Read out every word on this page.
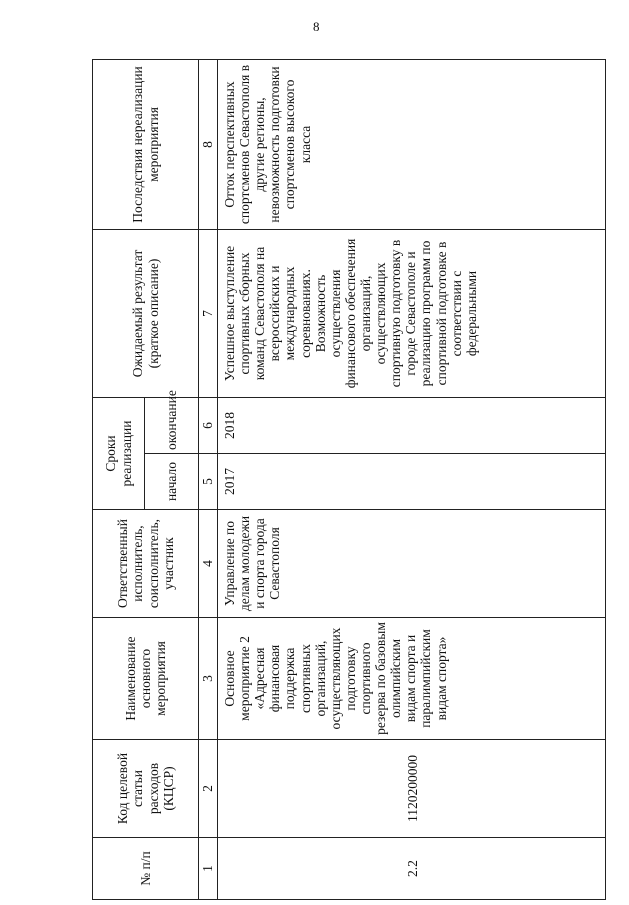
8
№ п/п	Код целевой статьи расходов (КЦСР)	Наименование основного мероприятия	Ответственный исполнитель, соисполнитель, участник	Сроки реализации		Ожидаемый результат (краткое описание)	Последствия нереализации мероприятия
				начало	окончание		
1	2	3	4	5	6	7	8
2.2	1120200000	Основное мероприятие 2 «Адресная финансовая поддержка спортивных организаций, осуществляющих подготовку спортивного резерва по базовым олимпийским видам спорта и паралимпийским видам спорта»	Управление по делам молодежи и спорта города Севастополя	2017	2018	Успешное выступление спортивных сборных команд Севастополя на всероссийских и международных соревнованиях. Возможность осуществления финансового обеспечения организаций, осуществляющих спортивную подготовку в городе Севастополе и реализацию программ по спортивной подготовке в соответствии с федеральными	Отток перспективных спортсменов Севастополя в другие регионы, невозможность подготовки спортсменов высокого класса
